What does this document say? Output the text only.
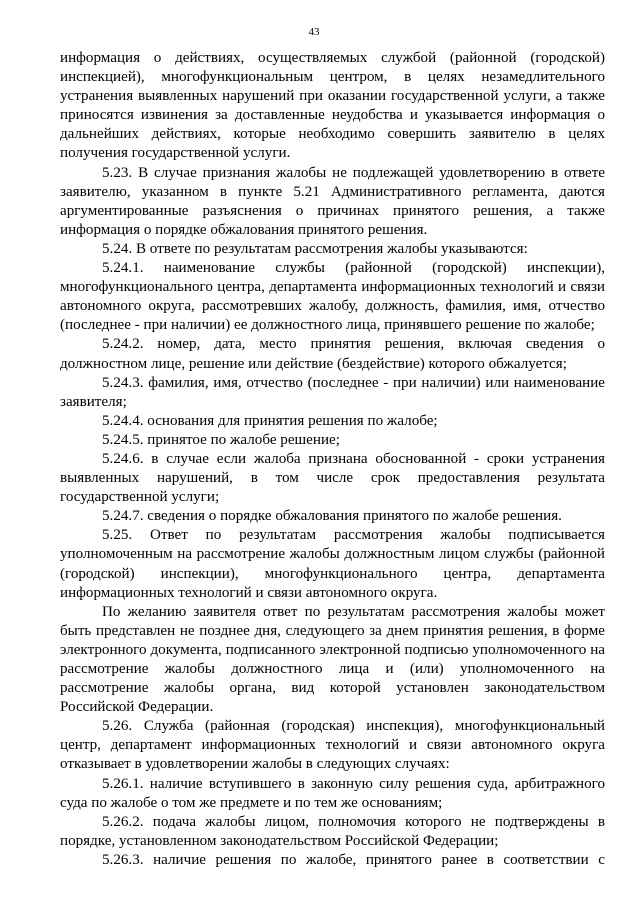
43

информация о действиях, осуществляемых службой (районной (городской) инспекцией), многофункциональным центром, в целях незамедлительного устранения выявленных нарушений при оказании государственной услуги, а также приносятся извинения за доставленные неудобства и указывается информация о дальнейших действиях, которые необходимо совершить заявителю в целях получения государственной услуги.

5.23. В случае признания жалобы не подлежащей удовлетворению в ответе заявителю, указанном в пункте 5.21 Административного регламента, даются аргументированные разъяснения о причинах принятого решения, а также информация о порядке обжалования принятого решения.

5.24. В ответе по результатам рассмотрения жалобы указываются:

5.24.1. наименование службы (районной (городской) инспекции), многофункционального центра, департамента информационных технологий и связи автономного округа, рассмотревших жалобу, должность, фамилия, имя, отчество (последнее - при наличии) ее должностного лица, принявшего решение по жалобе;

5.24.2. номер, дата, место принятия решения, включая сведения о должностном лице, решение или действие (бездействие) которого обжалуется;

5.24.3. фамилия, имя, отчество (последнее - при наличии) или наименование заявителя;

5.24.4. основания для принятия решения по жалобе;

5.24.5. принятое по жалобе решение;

5.24.6. в случае если жалоба признана обоснованной - сроки устранения выявленных нарушений, в том числе срок предоставления результата государственной услуги;

5.24.7. сведения о порядке обжалования принятого по жалобе решения.

5.25. Ответ по результатам рассмотрения жалобы подписывается уполномоченным на рассмотрение жалобы должностным лицом службы (районной (городской) инспекции), многофункционального центра, департамента информационных технологий и связи автономного округа.

По желанию заявителя ответ по результатам рассмотрения жалобы может быть представлен не позднее дня, следующего за днем принятия решения, в форме электронного документа, подписанного электронной подписью уполномоченного на рассмотрение жалобы должностного лица и (или) уполномоченного на рассмотрение жалобы органа, вид которой установлен законодательством Российской Федерации.

5.26. Служба (районная (городская) инспекция), многофункциональный центр, департамент информационных технологий и связи автономного округа отказывает в удовлетворении жалобы в следующих случаях:

5.26.1. наличие вступившего в законную силу решения суда, арбитражного суда по жалобе о том же предмете и по тем же основаниям;

5.26.2. подача жалобы лицом, полномочия которого не подтверждены в порядке, установленном законодательством Российской Федерации;

5.26.3. наличие решения по жалобе, принятого ранее в соответствии с
